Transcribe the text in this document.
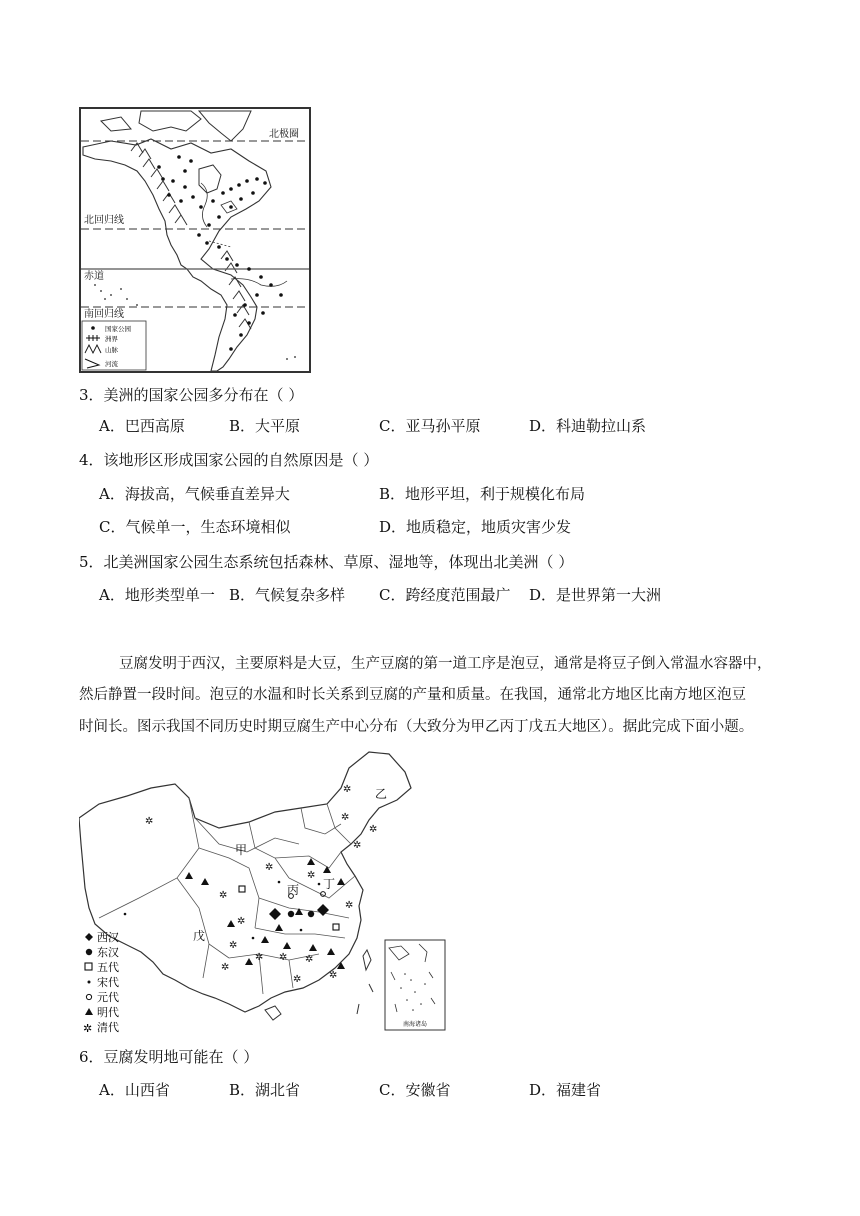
北极圈
北回归线
赤道
南回归线
国家公园
洲界
山脉
河流
3．美洲的国家公园多分布在（ ）
A．巴西高原	B．大平原	C．亚马孙平原	D．科迪勒拉山系
4．该地形区形成国家公园的自然原因是（ ）
A．海拔高，气候垂直差异大	B．地形平坦，利于规模化布局
C．气候单一，生态环境相似	D．地质稳定，地质灾害少发
5．北美洲国家公园生态系统包括森林、草原、湿地等，体现出北美洲（ ）
A．地形类型单一 B．气候复杂多样 C．跨经度范围最广 D．是世界第一大洲
豆腐发明于西汉，主要原料是大豆，生产豆腐的第一道工序是泡豆，通常是将豆子倒入常温水容器中，
然后静置一段时间。泡豆的水温和时长关系到豆腐的产量和质量。在我国，通常北方地区比南方地区泡豆
时间长。图示我国不同历史时期豆腐生产中心分布（大致分为甲乙丙丁戊五大地区）。据此完成下面小题。
甲
乙
丙 丁
戊
✲
✲
✲
✲
✲
✲
✲
✲
✲ ✲
✲
✲
✲
✲
✲
✲
✲
西汉
东汉
五代
宋代
元代
明代
✲ 清代	南海诸岛
6．豆腐发明地可能在（ ）
A．山西省	B．湖北省	C．安徽省	D．福建省
